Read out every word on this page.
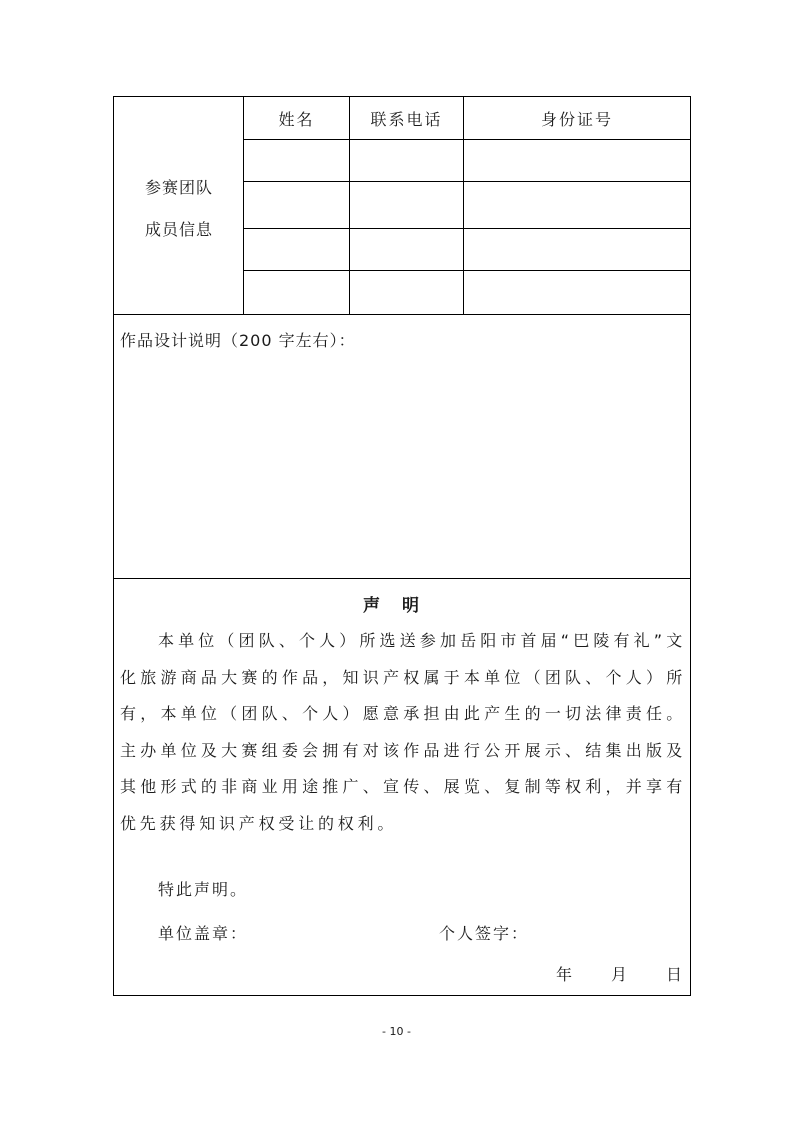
参赛团队
成员信息
姓名	联系电话	身份证号
作品设计说明（200 字左右）：
声明

本单位（团队、个人）所选送参加岳阳市首届“巴陵有礼”文化旅游商品大赛的作品，知识产权属于本单位（团队、个人）所有，本单位（团队、个人）愿意承担由此产生的一切法律责任。主办单位及大赛组委会拥有对该作品进行公开展示、结集出版及其他形式的非商业用途推广、宣传、展览、复制等权利，并享有优先获得知识产权受让的权利。

特此声明。
单位盖章：	个人签字：
年 月 日
- 10 -
